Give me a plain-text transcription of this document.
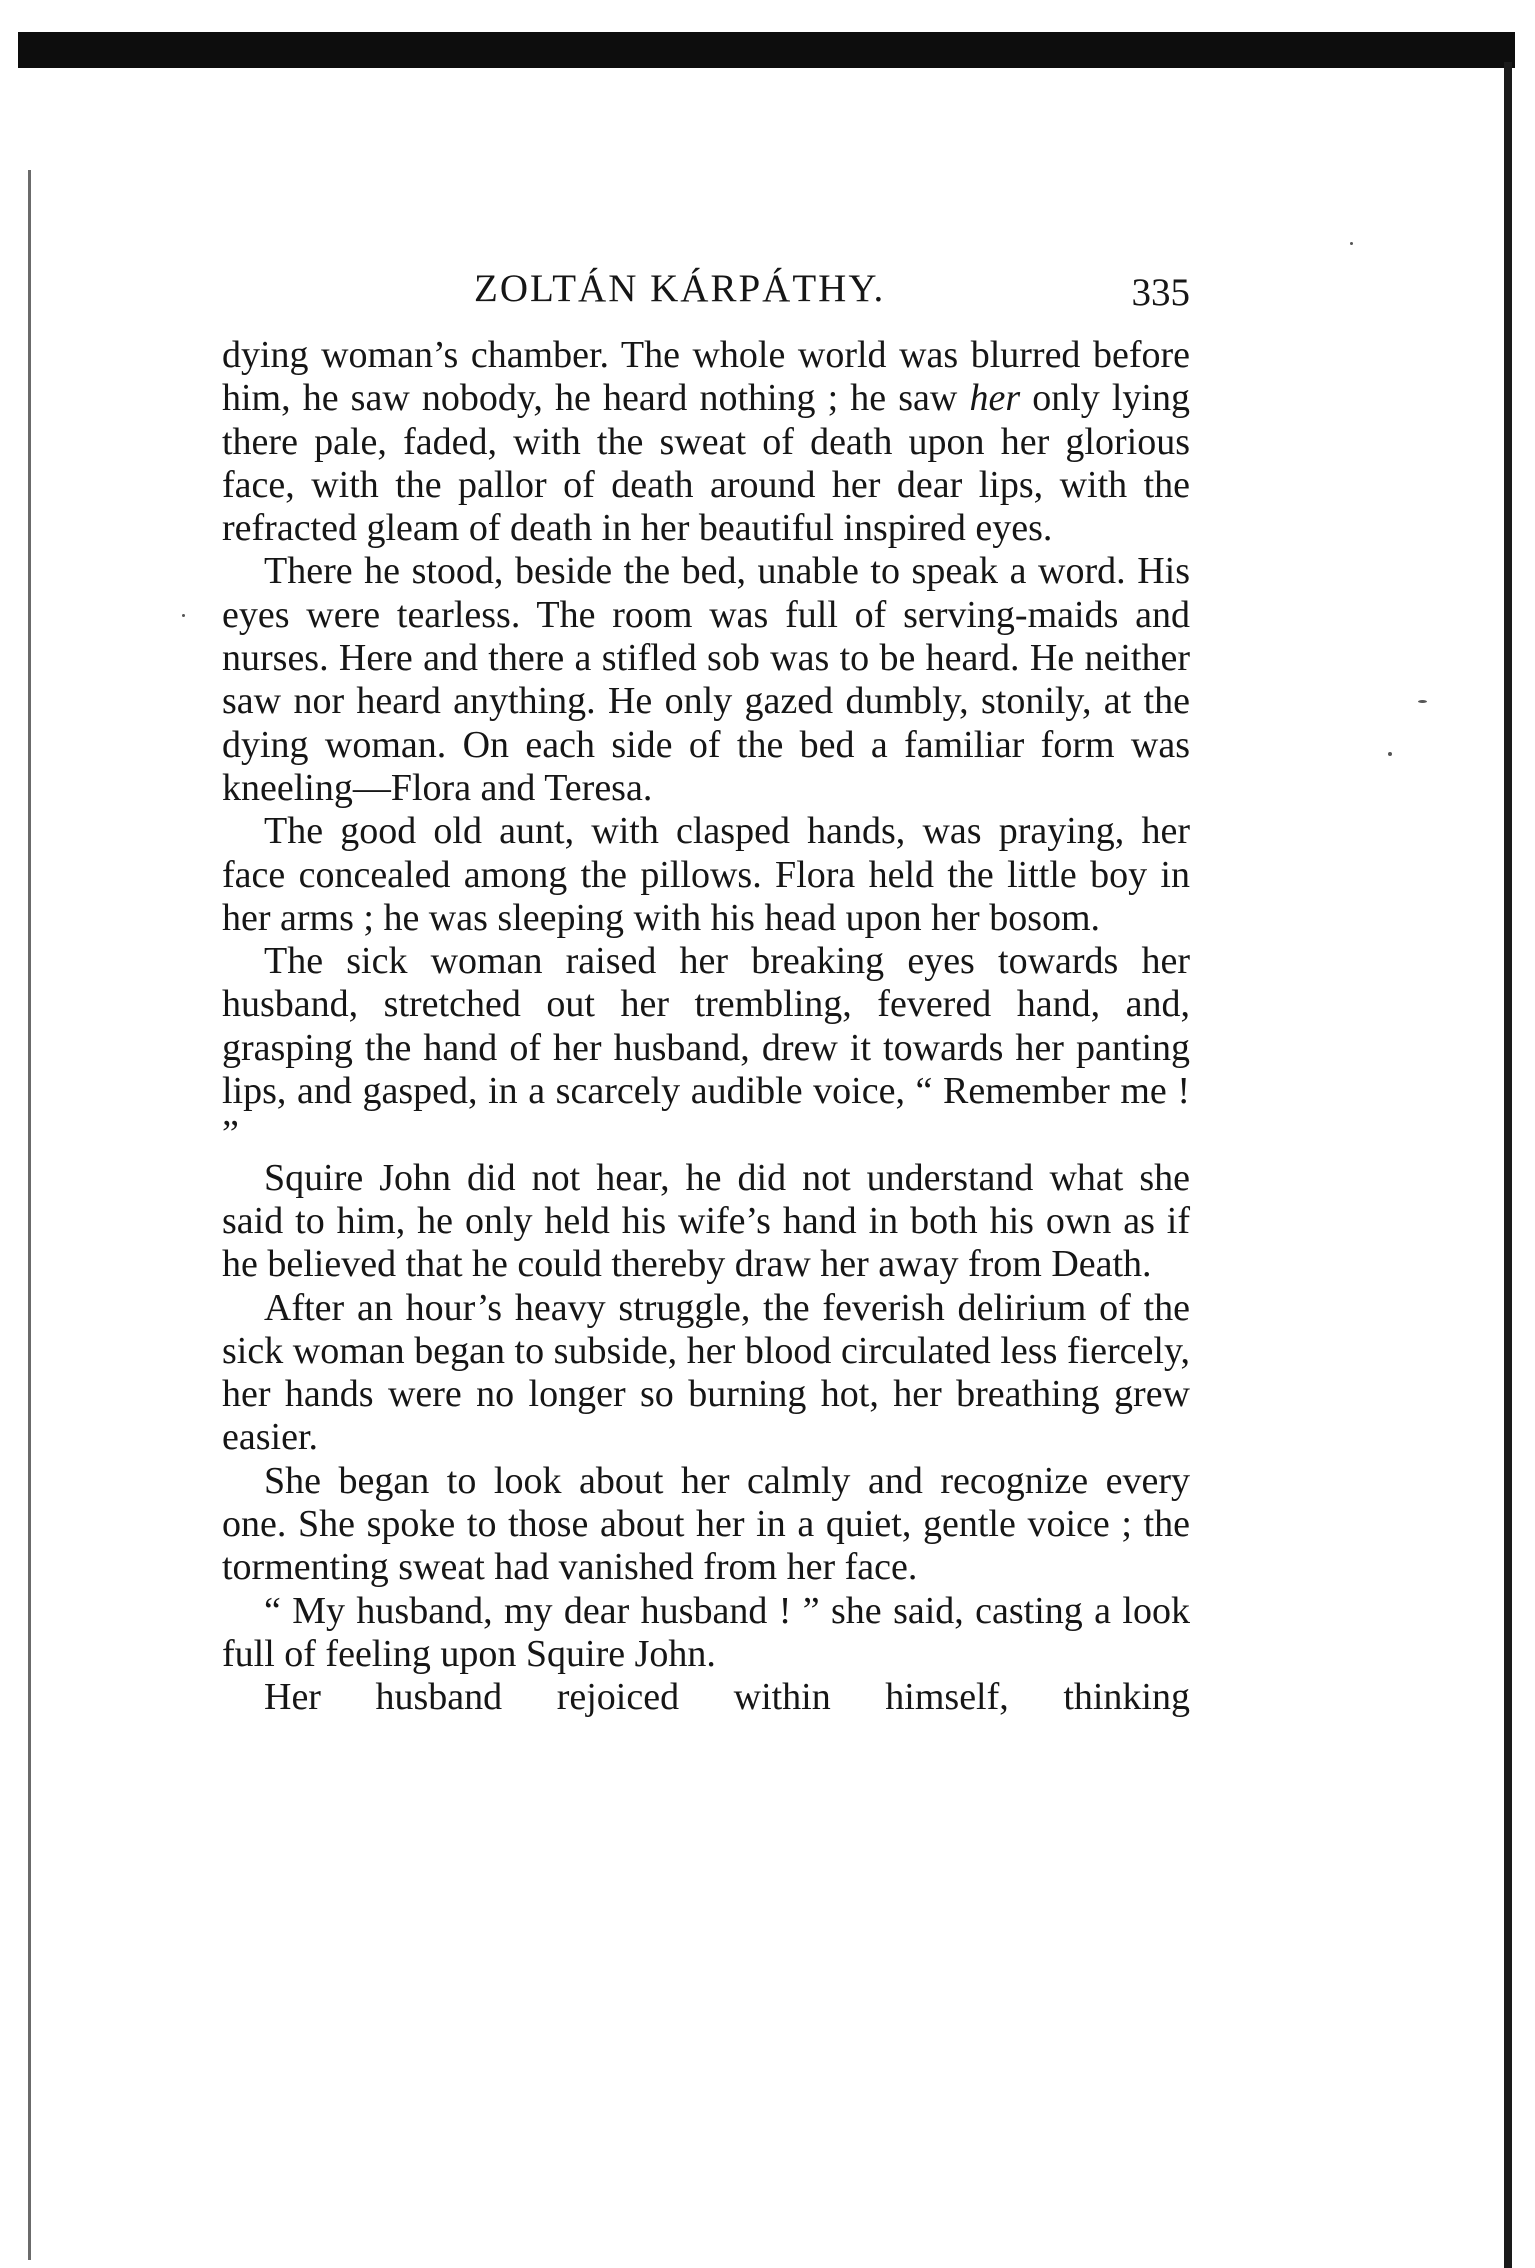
ZOLTÁN KÁRPÁTHY.	335

dying woman’s chamber. The whole world was blurred before him, he saw nobody, he heard nothing ; he saw her only lying there pale, faded, with the sweat of death upon her glorious face, with the pallor of death around her dear lips, with the refracted gleam of death in her beautiful inspired eyes.

There he stood, beside the bed, unable to speak a word. His eyes were tearless. The room was full of serving-maids and nurses. Here and there a stifled sob was to be heard. He neither saw nor heard anything. He only gazed dumbly, stonily, at the dying woman. On each side of the bed a familiar form was kneeling—Flora and Teresa.

The good old aunt, with clasped hands, was praying, her face concealed among the pillows. Flora held the little boy in her arms ; he was sleeping with his head upon her bosom.

The sick woman raised her breaking eyes towards her husband, stretched out her trembling, fevered hand, and, grasping the hand of her husband, drew it towards her panting lips, and gasped, in a scarcely audible voice, “ Remember me ! ”

Squire John did not hear, he did not understand what she said to him, he only held his wife’s hand in both his own as if he believed that he could thereby draw her away from Death.

After an hour’s heavy struggle, the feverish delirium of the sick woman began to subside, her blood circulated less fiercely, her hands were no longer so burning hot, her breathing grew easier.

She began to look about her calmly and recognize every one. She spoke to those about her in a quiet, gentle voice ; the tormenting sweat had vanished from her face.

“ My husband, my dear husband ! ” she said, casting a look full of feeling upon Squire John.

Her husband rejoiced within himself, thinking
